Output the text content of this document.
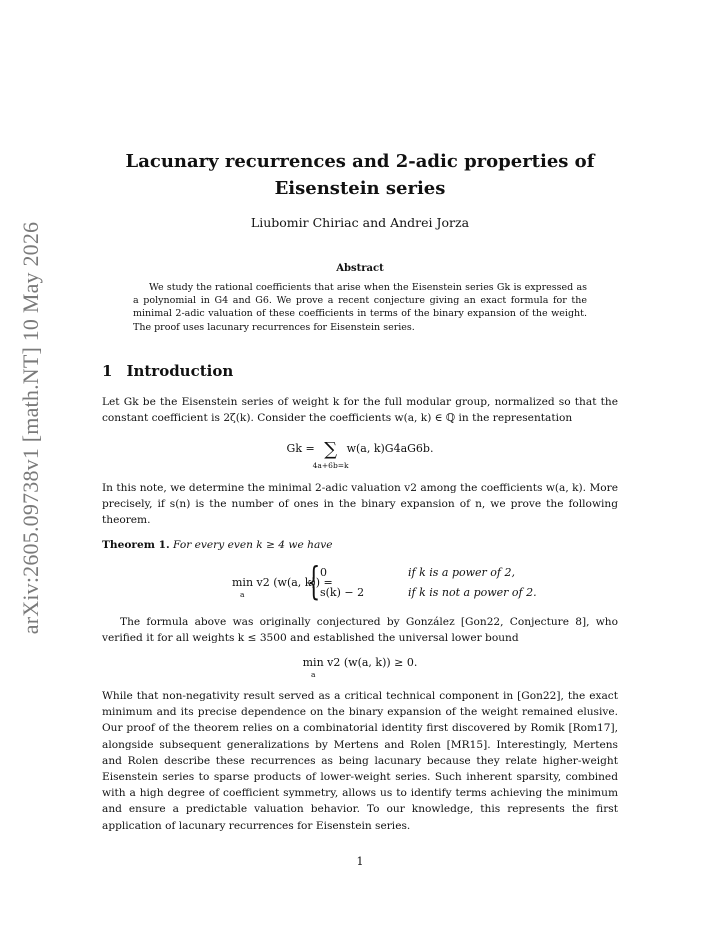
arXiv:2605.09738v1 [math.NT] 10 May 2026
Lacunary recurrences and 2-adic properties of
Eisenstein series
Liubomir Chiriac and Andrei Jorza
Abstract
We study the rational coefficients that arise when the Eisenstein series Gk is expressed as a polynomial in G4 and G6. We prove a recent conjecture giving an exact formula for the minimal 2-adic valuation of these coefficients in terms of the binary expansion of the weight. The proof uses lacunary recurrences for Eisenstein series.
1 Introduction
Let Gk be the Eisenstein series of weight k for the full modular group, normalized so that the constant coefficient is 2ζ(k). Consider the coefficients w(a, k) ∈ ℚ in the representation
Gk = ∑
4a+6b=k
w(a, k)G4aG6b.
In this note, we determine the minimal 2-adic valuation v2 among the coefficients w(a, k). More precisely, if s(n) is the number of ones in the binary expansion of n, we prove the following theorem.
Theorem 1. For every even k ≥ 4 we have
min v2 (w(a, k)) =
a { 0	if k is a power of 2,
s(k) − 2	if k is not a power of 2.
The formula above was originally conjectured by González [Gon22, Conjecture 8], who verified it for all weights k ≤ 3500 and established the universal lower bound
min v2 (w(a, k)) ≥ 0.
a
While that non-negativity result served as a critical technical component in [Gon22], the exact minimum and its precise dependence on the binary expansion of the weight remained elusive. Our proof of the theorem relies on a combinatorial identity first discovered by Romik [Rom17], alongside subsequent generalizations by Mertens and Rolen [MR15]. Interestingly, Mertens and Rolen describe these recurrences as being lacunary because they relate higher-weight Eisenstein series to sparse products of lower-weight series. Such inherent sparsity, combined with a high degree of coefficient symmetry, allows us to identify terms achieving the minimum and ensure a predictable valuation behavior. To our knowledge, this represents the first application of lacunary recurrences for Eisenstein series.
1
